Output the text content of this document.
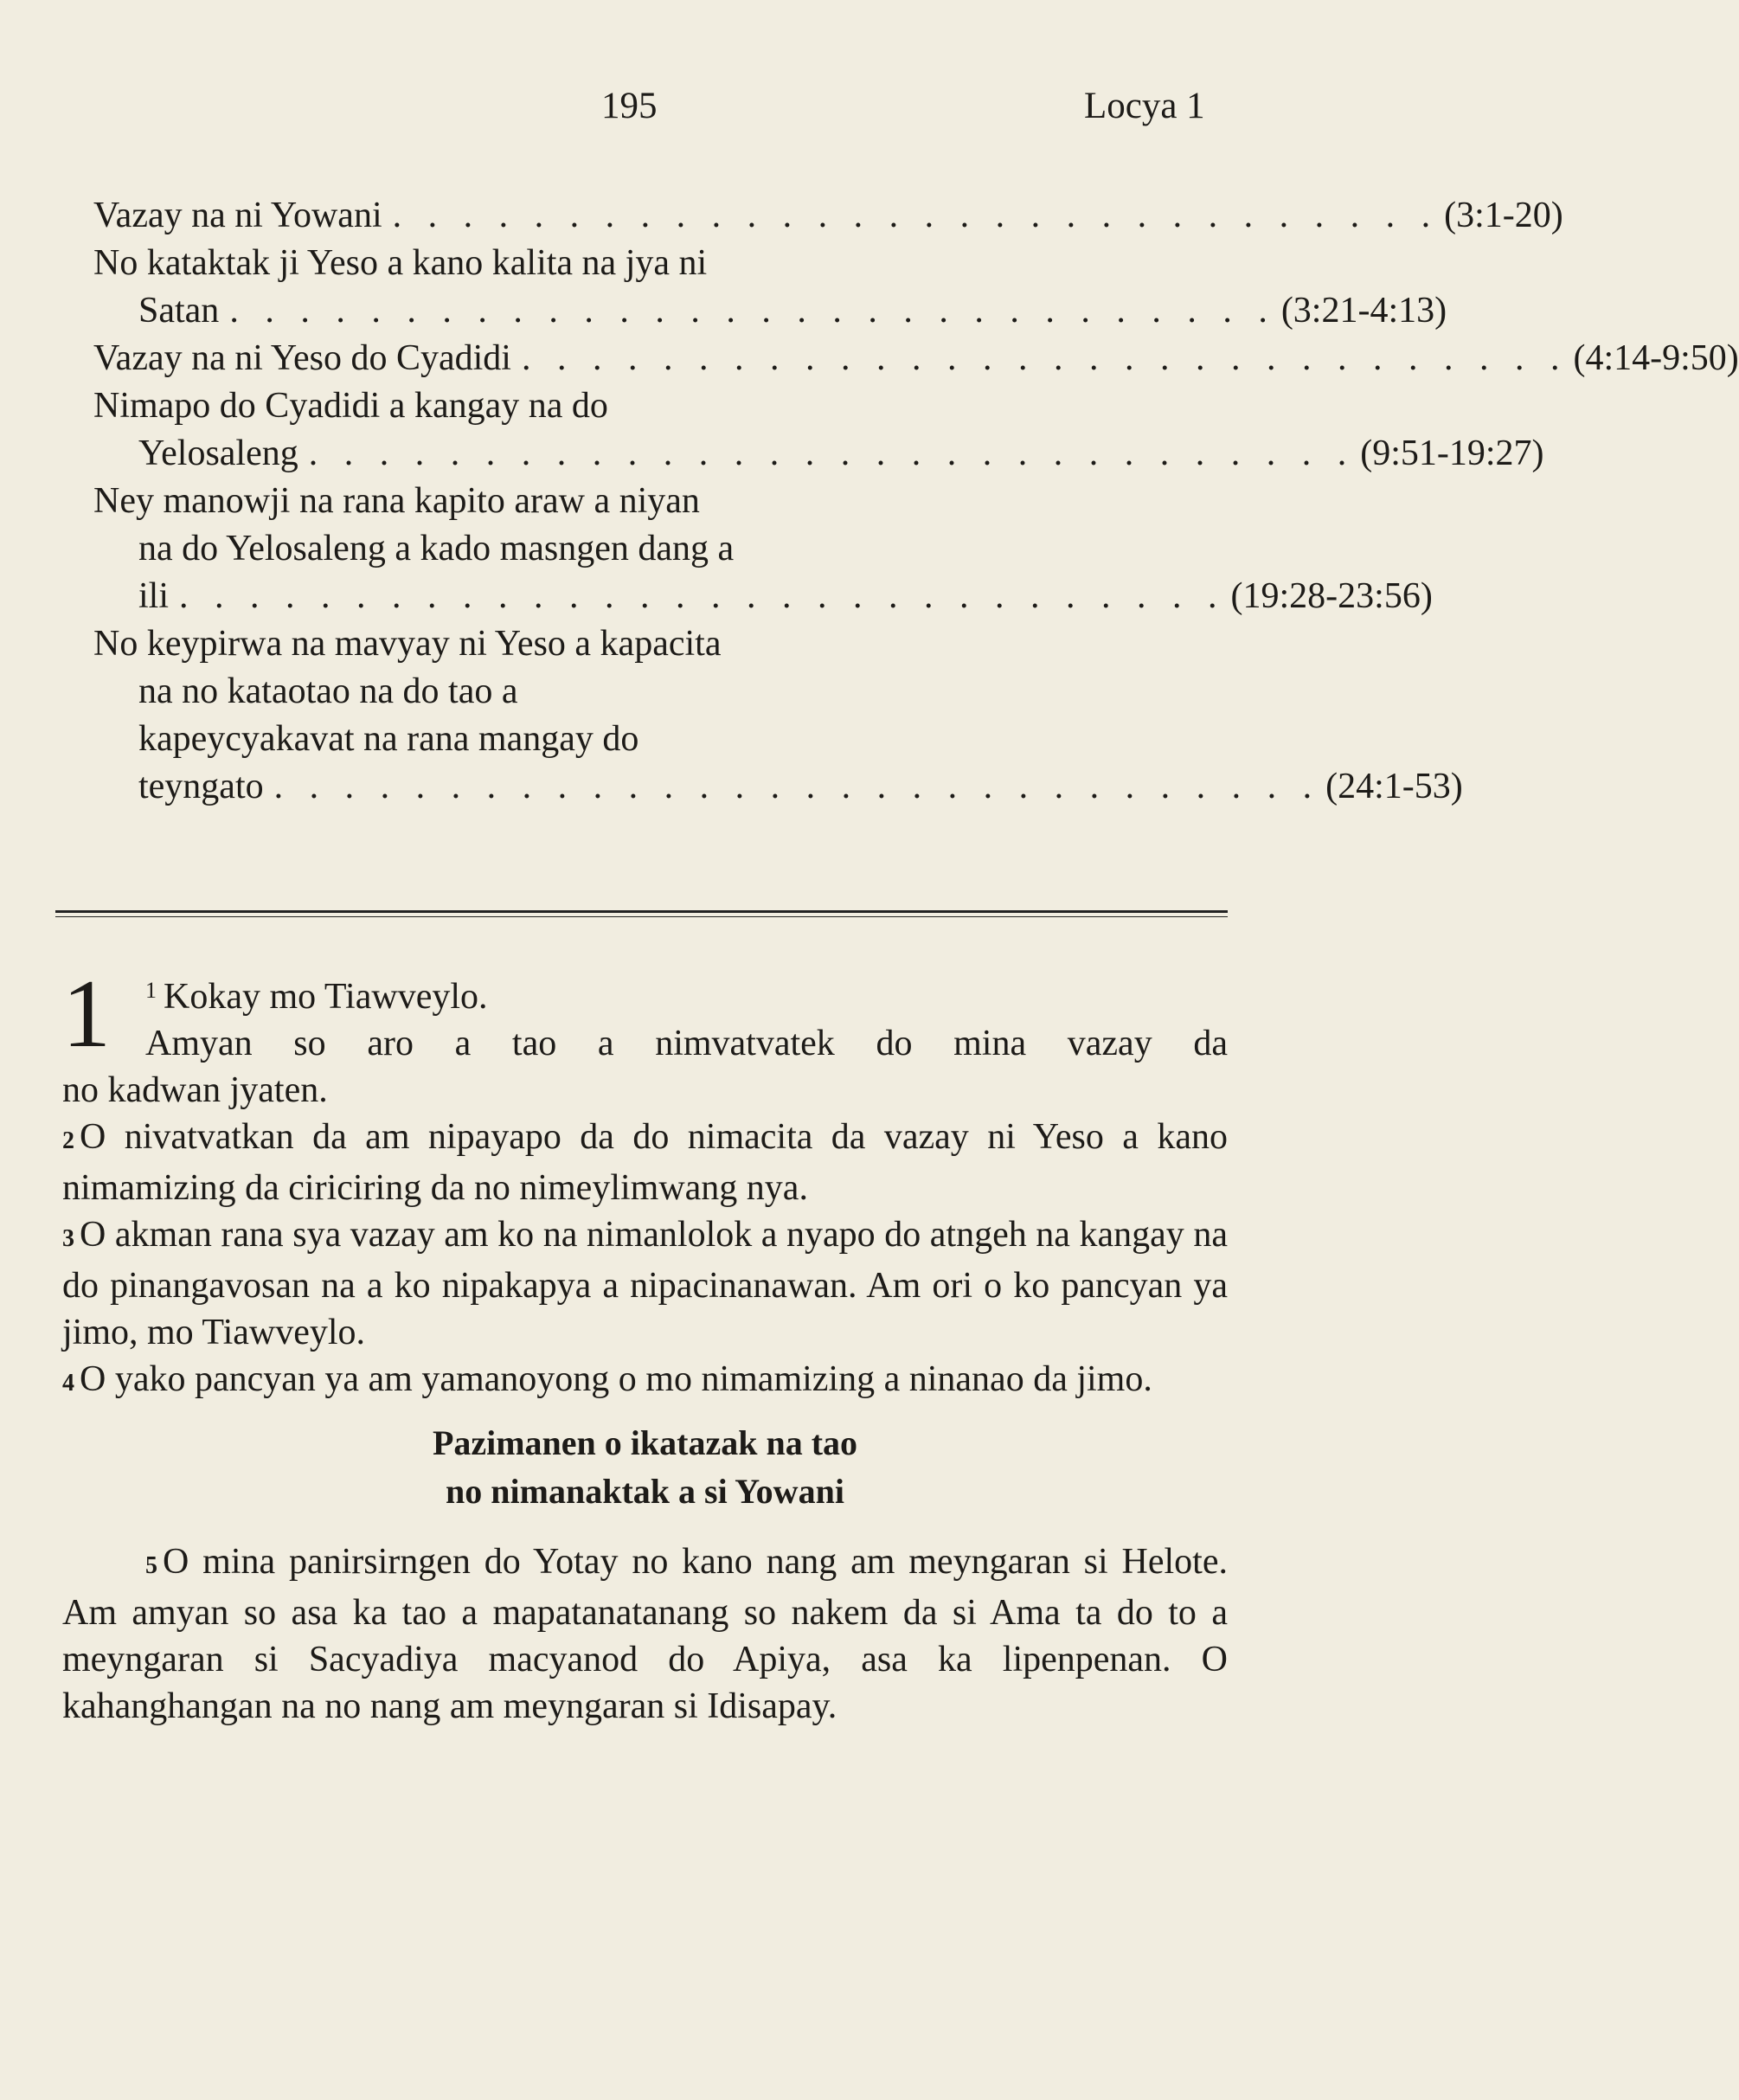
195	Locya 1
Vazay na ni Yowani . . . . . . . . . . . . . . . . . . . . . . . . . . . . . . (3:1-20)
No kataktak ji Yeso a kano kalita na jya ni
Satan . . . . . . . . . . . . . . . . . . . . . . . . . . . . . . (3:21-4:13)
Vazay na ni Yeso do Cyadidi . . . . . . . . . . . . . . . . . . . . . . . . . . . . . . (4:14-9:50)
Nimapo do Cyadidi a kangay na do
Yelosaleng . . . . . . . . . . . . . . . . . . . . . . . . . . . . . . (9:51-19:27)
Ney manowji na rana kapito araw a niyan
na do Yelosaleng a kado masngen dang a
ili . . . . . . . . . . . . . . . . . . . . . . . . . . . . . . (19:28-23:56)
No keypirwa na mavyay ni Yeso a kapacita
na no kataotao na do tao a
kapeycyakavat na rana mangay do
teyngato . . . . . . . . . . . . . . . . . . . . . . . . . . . . . . (24:1-53)
1 $^1$ Kokay mo Tiawveylo.
Amyan so aro a tao a nimvatvatek do mina vazay da
no kadwan jyaten.

2 O nivatvatkan da am nipayapo da do nimacita da vazay ni Yeso a kano nimamizing da ciriciring da no nimeylimwang nya.

3 O akman rana sya vazay am ko na nimanlolok a nyapo do atngeh na kangay na do pinangavosan na a ko nipakapya a nipacinanawan. Am ori o ko pancyan ya jimo, mo Tiawveylo.

4 O yako pancyan ya am yamanoyong o mo nimamizing a ninanao da jimo.

Pazimanen o ikatazak na tao
no nimanaktak a si Yowani

5 O mina panirsirngen do Yotay no kano nang am meyngaran si Helote. Am amyan so asa ka tao a mapatanatanang so nakem da si Ama ta do to a meyngaran si Sacyadiya macyanod do Apiya, asa ka lipenpenan. O kahanghangan na no nang am meyngaran si Idisapay.
